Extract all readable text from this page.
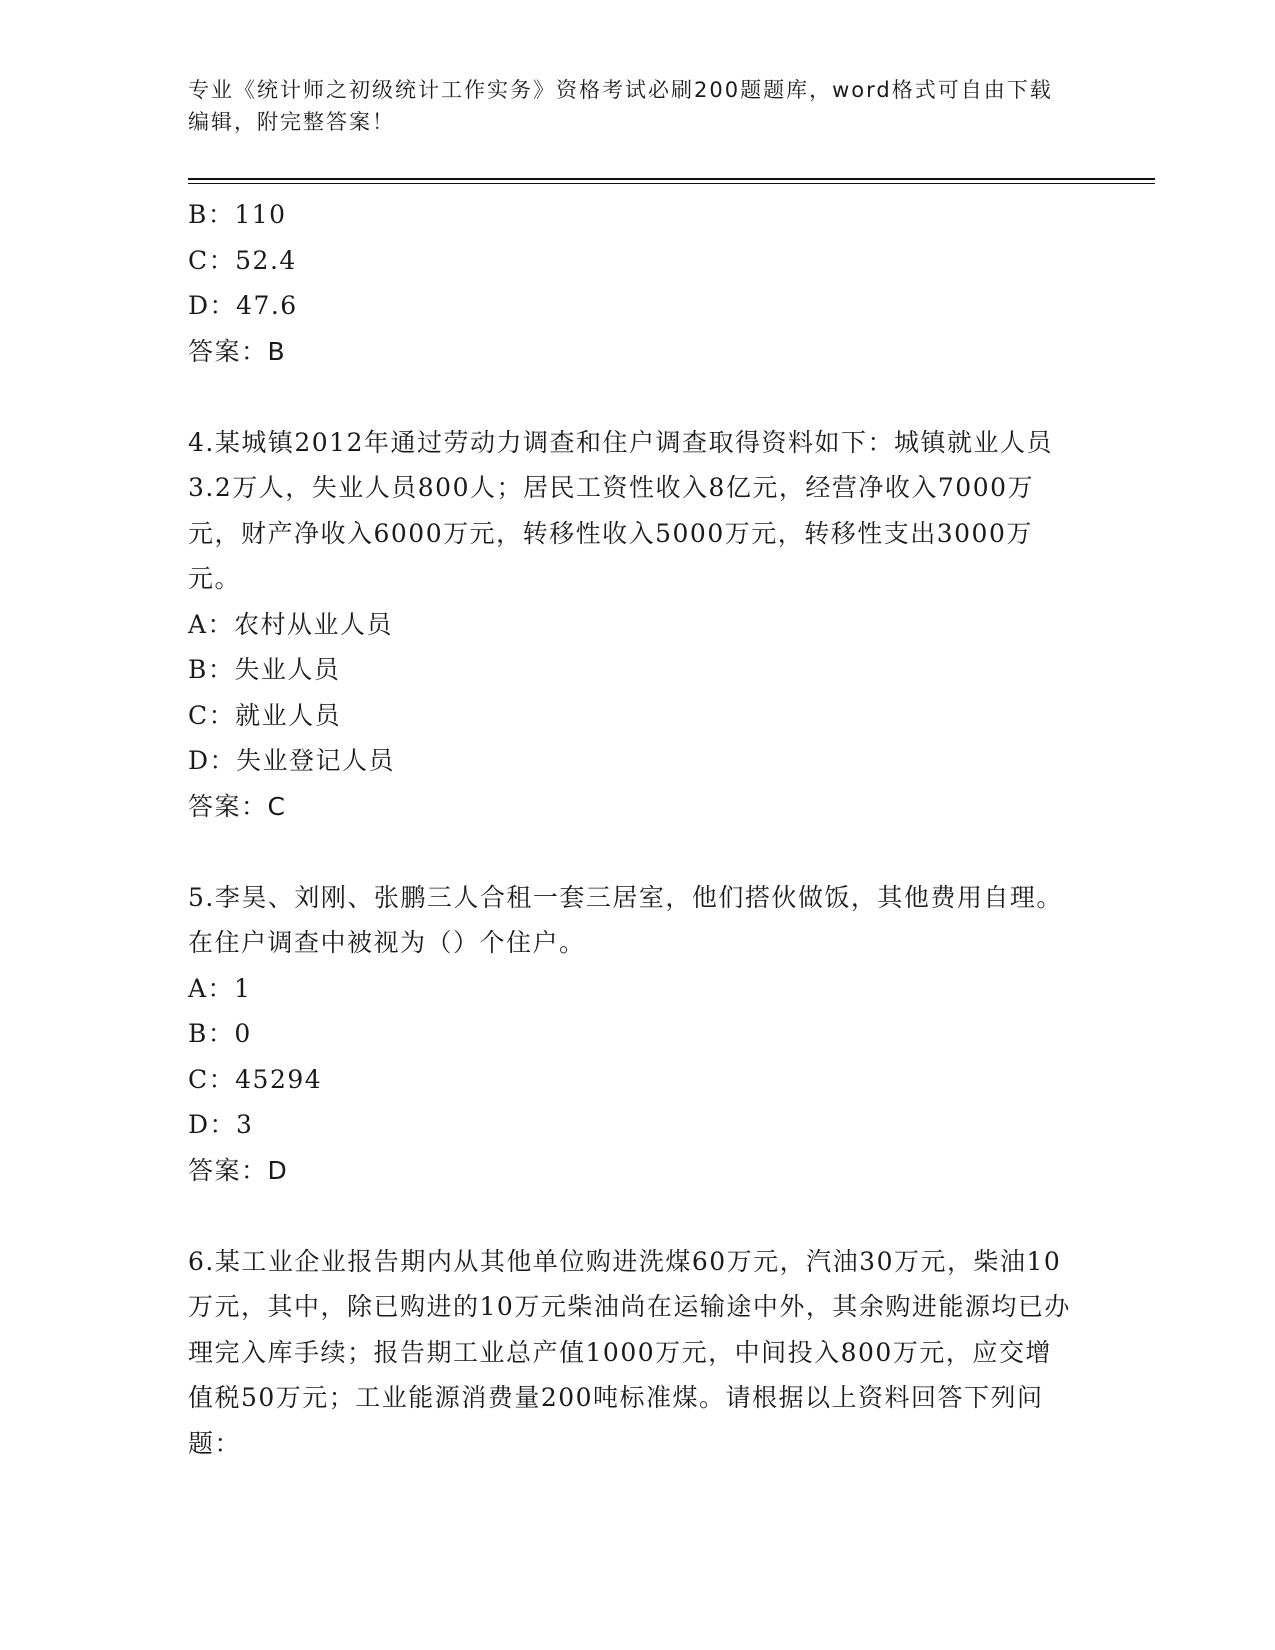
专业《统计师之初级统计工作实务》资格考试必刷200题题库，word格式可自由下载编辑，附完整答案！
B：110
C：52.4
D：47.6
答案：B
4.某城镇2012年通过劳动力调查和住户调查取得资料如下：城镇就业人员3.2万人，失业人员800人；居民工资性收入8亿元，经营净收入7000万元，财产净收入6000万元，转移性收入5000万元，转移性支出3000万元。
A：农村从业人员
B：失业人员
C：就业人员
D：失业登记人员
答案：C
5.李昊、刘刚、张鹏三人合租一套三居室，他们搭伙做饭，其他费用自理。在住户调查中被视为（）个住户。
A：1
B：0
C：45294
D：3
答案：D
6.某工业企业报告期内从其他单位购进洗煤60万元，汽油30万元，柴油10万元，其中，除已购进的10万元柴油尚在运输途中外，其余购进能源均已办理完入库手续；报告期工业总产值1000万元，中间投入800万元，应交增值税50万元；工业能源消费量200吨标准煤。请根据以上资料回答下列问题：
